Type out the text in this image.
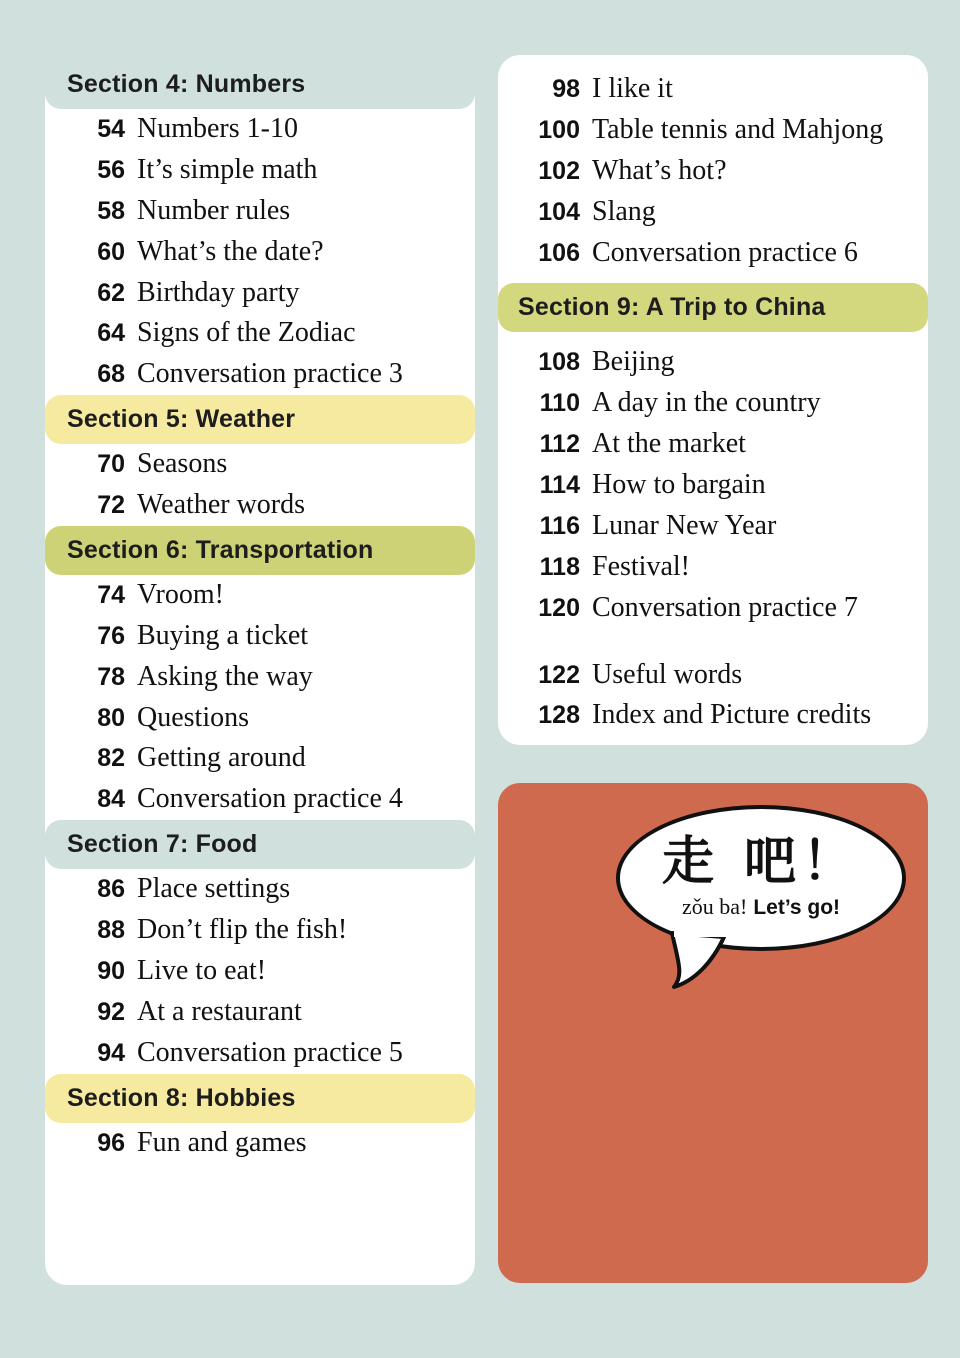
Section 4: Numbers
54 Numbers 1-10
56 It’s simple math
58 Number rules
60 What’s the date?
62 Birthday party
64 Signs of the Zodiac
68 Conversation practice 3
Section 5: Weather
70 Seasons
72 Weather words
Section 6: Transportation
74 Vroom!
76 Buying a ticket
78 Asking the way
80 Questions
82 Getting around
84 Conversation practice 4
Section 7: Food
86 Place settings
88 Don’t flip the fish!
90 Live to eat!
92 At a restaurant
94 Conversation practice 5
Section 8: Hobbies
96 Fun and games
98 I like it
100 Table tennis and Mahjong
102 What’s hot?
104 Slang
106 Conversation practice 6
Section 9: A Trip to China
108 Beijing
110 A day in the country
112 At the market
114 How to bargain
116 Lunar New Year
118 Festival!
120 Conversation practice 7
122 Useful words
128 Index and Picture credits
走 吧！
zǒu ba! Let’s go!
